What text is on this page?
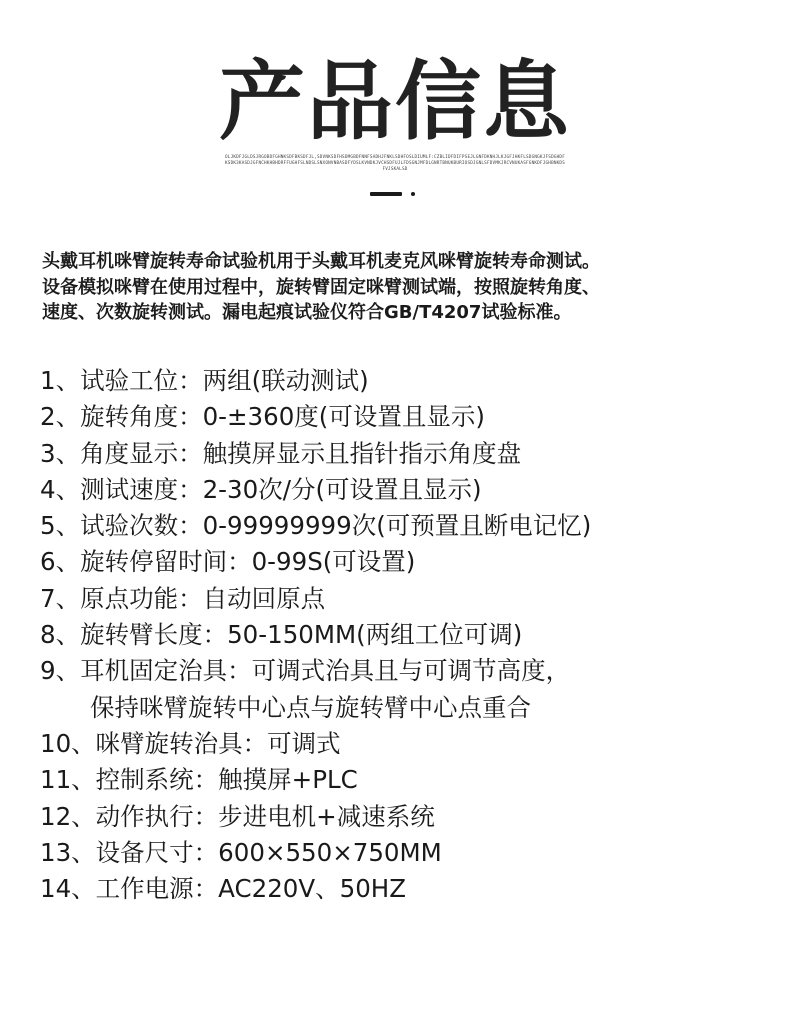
产品信息
OLJKDFJGLDSJRGOBDFGHNKSDFBKSDFJL,SDVNKSDFHSDMGBDFNNFSADHJFNKLSDHFOSLDIUMLF:CZBLIDFDIFPSEJLGNFDKNHJLKJGFJHKFLSDGNGKJFSDGHDFKSDK3KASDJGFNCHKHBHDRFFUGHFSLNDSLSNXONVNBASDFYDSLKVNDKJVCHSDFUJLFDSGNJMFDLGNRTBNUKBURIOSDJGNLSFDVMKJRCVNUKASFGNKDFJGHBNKDSFVJSKALSD
头戴耳机咪臂旋转寿命试验机用于头戴耳机麦克风咪臂旋转寿命测试。
设备模拟咪臂在使用过程中，旋转臂固定咪臂测试端，按照旋转角度、
速度、次数旋转测试。漏电起痕试验仪符合GB/T4207试验标准。
1、试验工位：两组(联动测试)
2、旋转角度：0-±360度(可设置且显示)
3、角度显示：触摸屏显示且指针指示角度盘
4、测试速度：2-30次/分(可设置且显示)
5、试验次数：0-99999999次(可预置且断电记忆)
6、旋转停留时间：0-99S(可设置)
7、原点功能：自动回原点
8、旋转臂长度：50-150MM(两组工位可调)
9、耳机固定治具：可调式治具且与可调节高度，
保持咪臂旋转中心点与旋转臂中心点重合
10、咪臂旋转治具：可调式
11、控制系统：触摸屏+PLC
12、动作执行：步进电机+减速系统
13、设备尺寸：600×550×750MM
14、工作电源：AC220V、50HZ
